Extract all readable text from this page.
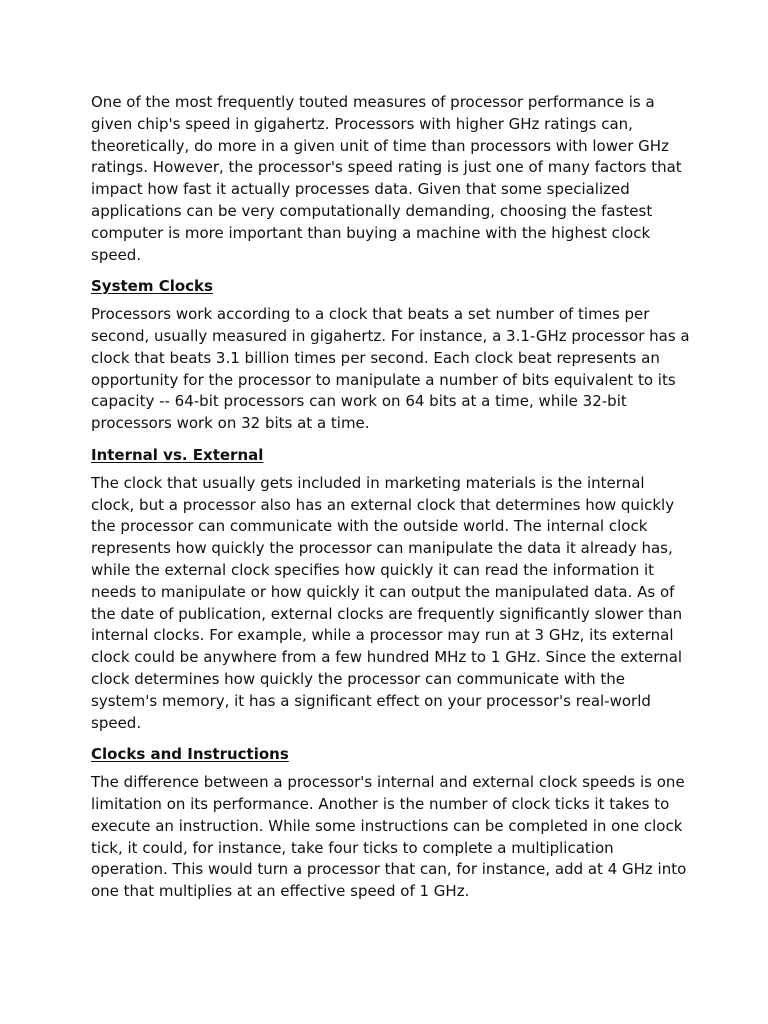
One of the most frequently touted measures of processor performance is a given chip's speed in gigahertz. Processors with higher GHz ratings can, theoretically, do more in a given unit of time than processors with lower GHz ratings. However, the processor's speed rating is just one of many factors that impact how fast it actually processes data. Given that some specialized applications can be very computationally demanding, choosing the fastest computer is more important than buying a machine with the highest clock speed.

System Clocks

Processors work according to a clock that beats a set number of times per second, usually measured in gigahertz. For instance, a 3.1-GHz processor has a clock that beats 3.1 billion times per second. Each clock beat represents an opportunity for the processor to manipulate a number of bits equivalent to its capacity -- 64-bit processors can work on 64 bits at a time, while 32-bit processors work on 32 bits at a time.

Internal vs. External

The clock that usually gets included in marketing materials is the internal clock, but a processor also has an external clock that determines how quickly the processor can communicate with the outside world. The internal clock represents how quickly the processor can manipulate the data it already has, while the external clock specifies how quickly it can read the information it needs to manipulate or how quickly it can output the manipulated data. As of the date of publication, external clocks are frequently significantly slower than internal clocks. For example, while a processor may run at 3 GHz, its external clock could be anywhere from a few hundred MHz to 1 GHz. Since the external clock determines how quickly the processor can communicate with the system's memory, it has a significant effect on your processor's real-world speed.

Clocks and Instructions

The difference between a processor's internal and external clock speeds is one limitation on its performance. Another is the number of clock ticks it takes to execute an instruction. While some instructions can be completed in one clock tick, it could, for instance, take four ticks to complete a multiplication operation. This would turn a processor that can, for instance, add at 4 GHz into one that multiplies at an effective speed of 1 GHz.
